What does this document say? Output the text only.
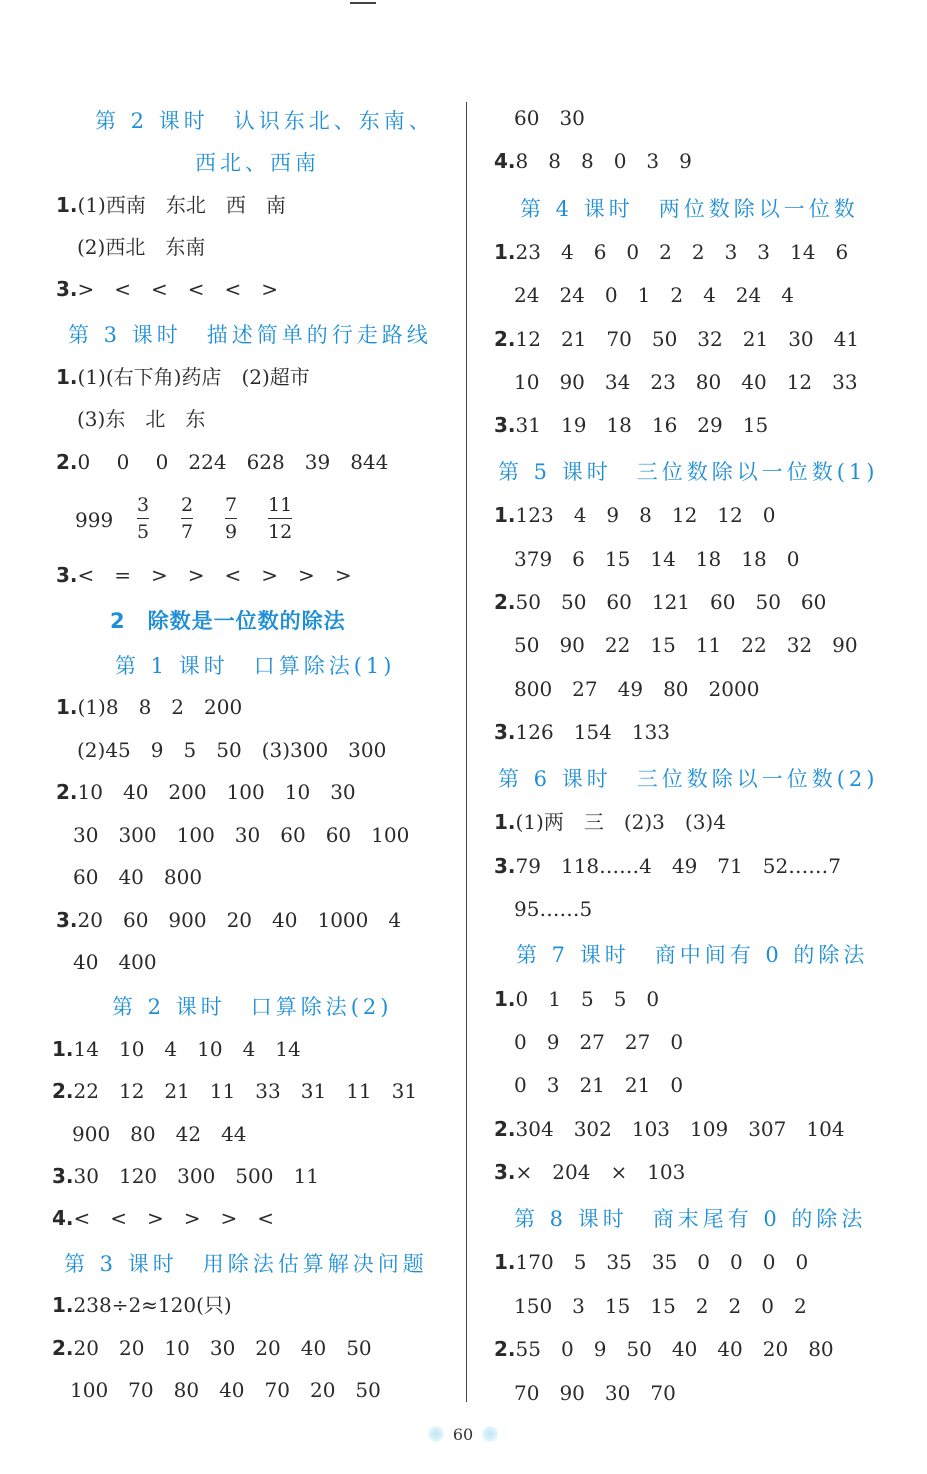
第 2 课时　认识东北、东南、
西北、西南
1.(1)西南　东北　西　南
(2)西北　东南
3.>　<　<　<　<　>
第 3 课时　描述简单的行走路线
1.(1)(右下角)药店　(2)超市
(3)东　北　东
2.0　 0　 0　224　628　39　844
999
3.<　=　>　>　<　>　>　>
2　除数是一位数的除法
第 1 课时　口算除法(1)
1.(1)8　8　2　200
(2)45　9　5　50　(3)300　300
2.10　40　200　100　10　30
30　300　100　30　60　60　100
60　40　800
3.20　60　900　20　40　1000　4
40　400
第 2 课时　口算除法(2)
1.14　10　4　10　4　14
2.22　12　21　11　33　31　11　31
900　80　42　44
3.30　120　300　500　11
4.<　<　>　>　>　<
第 3 课时　用除法估算解决问题
1.238÷2≈120(只)
2.20　20　10　30　20　40　50
100　70　80　40　70　20　50
3
5
2
7
7
9
11
12
60　30
4.8　8　8　0　3　9
第 4 课时　两位数除以一位数
1.23　4　6　0　2　2　3　3　14　6
24　24　0　1　2　4　24　4
2.12　21　70　50　32　21　30　41
10　90　34　23　80　40　12　33
3.31　19　18　16　29　15
第 5 课时　三位数除以一位数(1)
1.123　4　9　8　12　12　0
379　6　15　14　18　18　0
2.50　50　60　121　60　50　60
50　90　22　15　11　22　32　90
800　27　49　80　2000
3.126　154　133
第 6 课时　三位数除以一位数(2)
1.(1)两　三　(2)3　(3)4
3.79　118……4　49　71　52……7
95……5
第 7 课时　商中间有 0 的除法
1.0　1　5　5　0
0　9　27　27　0
0　3　21　21　0
2.304　302　103　109　307　104
3.×　204　×　103
第 8 课时　商末尾有 0 的除法
1.170　5　35　35　0　0　0　0
150　3　15　15　2　2　0　2
2.55　0　9　50　40　40　20　80
70　90　30　70
60
